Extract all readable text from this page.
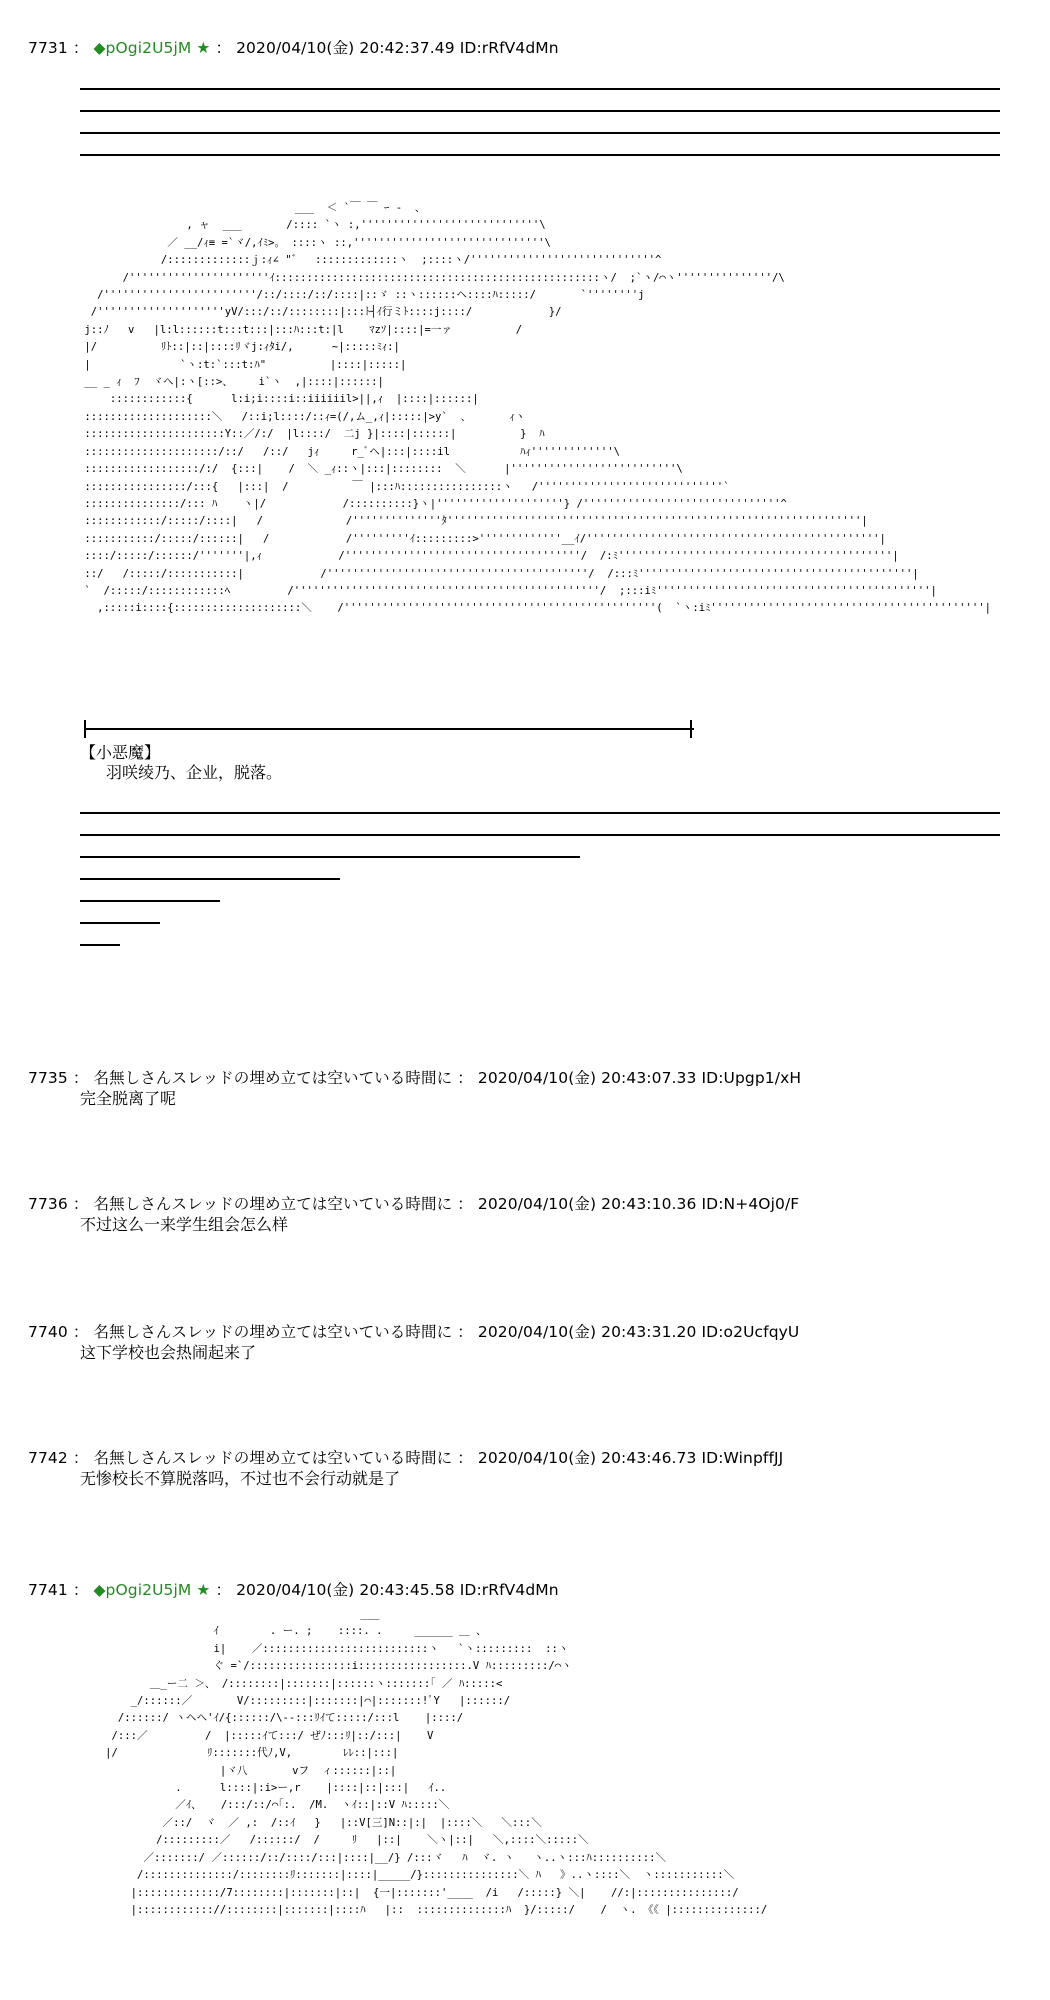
7731 ： ◆pOgi2U5jM ★ ： 2020/04/10(金) 20:42:37.49 ID:rRfV4dMn
___  ＜ `￣ ￣ ｰ -  、
, ャ  ___       /:::: `ヽ :,''''''''''''''''''''''''''''\
／ __/ｨ≡ =`ヾ/,ｲﾐ>。 ::::ヽ ::,''''''''''''''''''''''''''''''\
/:::::::::::::ｊ:ｨ∠ "゛  :::::::::::::ヽ  ;::::ヽ/'''''''''''''''''''''''''''''^
/''''''''''''''''''''''ｲ:::::::::::::::::::::::::::::::::::::::::::::::::::ヽ/  ;`ヽ/⌒ヽ'''''''''''''''/\
/''''''''''''''''''''''''/::/::::/::/::::|::ゞ ::ヽ::::::ヘ::::ﾊ:::::/       `''''''''j
/''''''''''''''''''''yV/:::/::/::::::::|:::ﾄ┤ｲ行ミﾄ::::j::::/            }/
j::ﾉ   v   |l:l::::::t:::t:::|:::ﾊ:::t:|l    ﾏzｿ|::::|=一ァ          /
|/          ﾘﾄ::|::|::::ﾘヾj:ｨﾀi/,      ~|:::::ﾐｨ:|
|              `ヽ:t:`:::t:ﾊ"          |::::|:::::|
__ _ ｨ  ﾌ  ヾヘ|:ヽ[::>、    i`ヽ  ,|::::|::::::|
::::::::::::{      l:i;i::::i::iiiiiil>||,ｨ  |::::|::::::|
::::::::::::::::::::＼   /::i;l::::/::ｨ=(/,ム_,ｨ|:::::|>y`  、      ｨヽ
::::::::::::::::::::::Y::／/:/  |l::::/  二j }|::::|::::::|          }  ﾊ
:::::::::::::::::::::/::/   /::/   jｨ     r_ﾞヘ|:::|::::il           ﾊｨ'''''''''''''\
::::::::::::::::::/:/  {:::|    /  ＼ _ｨ::ヽ|:::|::::::::  ＼      |''''''''''''''''''''''''''\
::::::::::::::::/:::{   |:::|  /          ￣ |:::ﾊ::::::::::::::::ヽ   /'''''''''''''''''''''''''''''`
:::::::::::::::/::: ﾊ    ヽ|/            /::::::::::}ヽ|''''''''''''''''''''} /'''''''''''''''''''''''''''''''^
::::::::::::/:::::/::::|   /             /''''''''''''''ﾀ'''''''''''''''''''''''''''''''''''''''''''''''''''''''''''''''''|
:::::::::::/:::::/::::::|   /            /'''''''''ｲ:::::::::>'''''''''''''__ｲ/''''''''''''''''''''''''''''''''''''''''''''''|
::::/:::::/::::::/'''''''|,ｨ            /'''''''''''''''''''''''''''''''''''''/  /:ﾐ'''''''''''''''''''''''''''''''''''''''''''|
::/   /:::::/:::::::::::|            /'''''''''''''''''''''''''''''''''''''''''/  /:::ﾐ'''''''''''''''''''''''''''''''''''''''''''|
`  /:::::/::::::::::::ﾍ         /''''''''''''''''''''''''''''''''''''''''''''''''/  ;:::iﾐ'''''''''''''''''''''''''''''''''''''''''''|
,:::::i::::{::::::::::::::::::::＼    /'''''''''''''''''''''''''''''''''''''''''''''''''(  `ヽ:iﾐ'''''''''''''''''''''''''''''''''''''''''''|

【小恶魔】
羽咲绫乃、企业，脱落。
7735 ： 名無しさんスレッドの埋め立ては空いている時間に ： 2020/04/10(金) 20:43:07.33 ID:Upgp1/xH
完全脱离了呢
7736 ： 名無しさんスレッドの埋め立ては空いている時間に ： 2020/04/10(金) 20:43:10.36 ID:N+4Oj0/F
不过这么一来学生组会怎么样
7740 ： 名無しさんスレッドの埋め立ては空いている時間に ： 2020/04/10(金) 20:43:31.20 ID:o2UcfqyU
这下学校也会热闹起来了
7742 ： 名無しさんスレッドの埋め立ては空いている時間に ： 2020/04/10(金) 20:43:46.73 ID:WinpffJJ
无惨校长不算脱落吗，不过也不会行动就是了
7741 ： ◆pOgi2U5jM ★ ： 2020/04/10(金) 20:43:45.58 ID:rRfV4dMn
___
ｲ        . ー. ;    ::::. .     ______ ＿ 、
i|    ／::::::::::::::::::::::::::ヽ   `ヽ:::::::::  ::ヽ
ぐ =`/::::::::::::::::i:::::::::::::::::.V ﾊ:::::::::/⌒ヽ
＿_ー二 ＞、 /::::::::|:::::::|::::::ヽ:::::::｢ ／ ﾊ:::::<
_/::::::／       V/:::::::::|:::::::|⌒|:::::::!ﾟY   |::::::/
/::::::/ ヽヘヘ'ｲ/{::::::/\--:::ﾘｲて:::::/:::l    |::::/
/:::／         /  |:::::ｲて:::/ ぜﾉ:::ﾘ|::/:::|    V
|/              ﾘ:::::::代ﾉ,V,        ﾚﾚ::|:::|
|ヾ八       vフ  ィ::::::|::|
.      l::::|:i>ー,r    |::::|::|:::|   ｲ..
／ｲ、   /:::/::/⌒｢:.  /M.  ヽｲ::|::V ﾊ:::::＼
／::/  ヾ  ／ ,:  /::ｲ   }   |::V[三]N::|:|  |::::＼   ＼:::＼
/:::::::::／   /::::::/  /     ﾘ   |::|    ＼ヽ|::|   ＼,::::＼:::::＼
／:::::::/ ／::::::/::/::::/:::|::::|__/} /:::ヾ   ﾊ  ヾ. ヽ   ヽ..ヽ:::ﾊ::::::::::＼
/::::::::::::::/::::::::ﾘ:::::::|::::|_____/}:::::::::::::::＼ ﾊ   》..ヽ::::＼  ヽ:::::::::::＼
|:::::::::::::/7::::::::|:::::::|::|  {一|:::::::'____  /i   /:::::} ＼|    //:|:::::::::::::::/
|:::::::::::://::::::::|:::::::|::::ﾊ   |::  ::::::::::::::ﾊ  }/:::::/    /  ヽ. 《《 |::::::::::::::/
